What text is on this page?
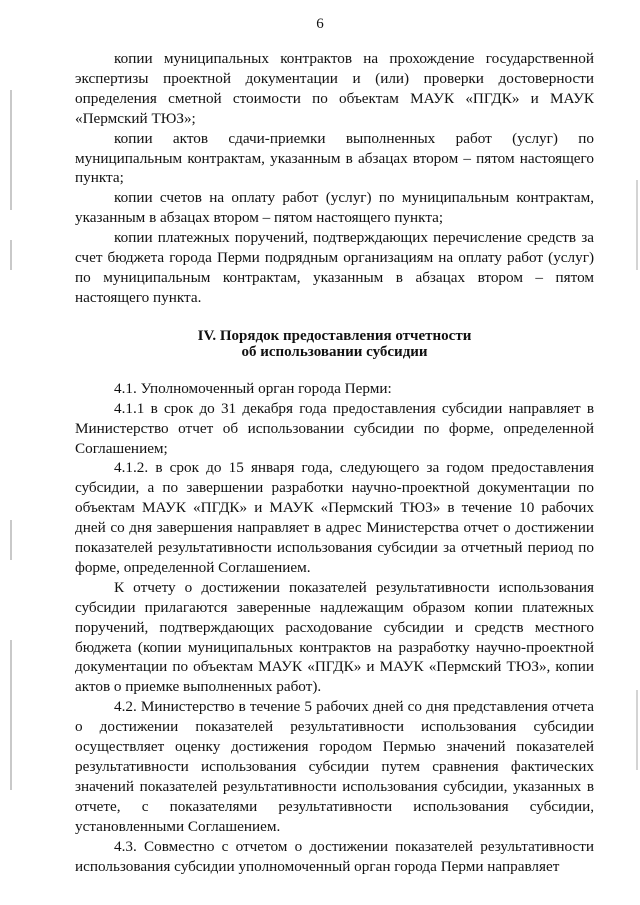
6

копии муниципальных контрактов на прохождение государственной экспертизы проектной документации и (или) проверки достоверности определения сметной стоимости по объектам МАУК «ПГДК» и МАУК «Пермский ТЮЗ»;

копии актов сдачи-приемки выполненных работ (услуг) по муниципальным контрактам, указанным в абзацах втором – пятом настоящего пункта;

копии счетов на оплату работ (услуг) по муниципальным контрактам, указанным в абзацах втором – пятом настоящего пункта;

копии платежных поручений, подтверждающих перечисление средств за счет бюджета города Перми подрядным организациям на оплату работ (услуг) по муниципальным контрактам, указанным в абзацах втором – пятом настоящего пункта.

IV. Порядок предоставления отчетности
об использовании субсидии

4.1. Уполномоченный орган города Перми:

4.1.1 в срок до 31 декабря года предоставления субсидии направляет в Министерство отчет об использовании субсидии по форме, определенной Соглашением;

4.1.2. в срок до 15 января года, следующего за годом предоставления субсидии, а по завершении разработки научно-проектной документации по объектам МАУК «ПГДК» и МАУК «Пермский ТЮЗ» в течение 10 рабочих дней со дня завершения направляет в адрес Министерства отчет о достижении показателей результативности использования субсидии за отчетный период по форме, определенной Соглашением.

К отчету о достижении показателей результативности использования субсидии прилагаются заверенные надлежащим образом копии платежных поручений, подтверждающих расходование субсидии и средств местного бюджета (копии муниципальных контрактов на разработку научно-проектной документации по объектам МАУК «ПГДК» и МАУК «Пермский ТЮЗ», копии актов о приемке выполненных работ).

4.2. Министерство в течение 5 рабочих дней со дня представления отчета о достижении показателей результативности использования субсидии осуществляет оценку достижения городом Пермью значений показателей результативности использования субсидии путем сравнения фактических значений показателей результативности использования субсидии, указанных в отчете, с показателями результативности использования субсидии, установленными Соглашением.

4.3. Совместно с отчетом о достижении показателей результативности использования субсидии уполномоченный орган города Перми направляет
